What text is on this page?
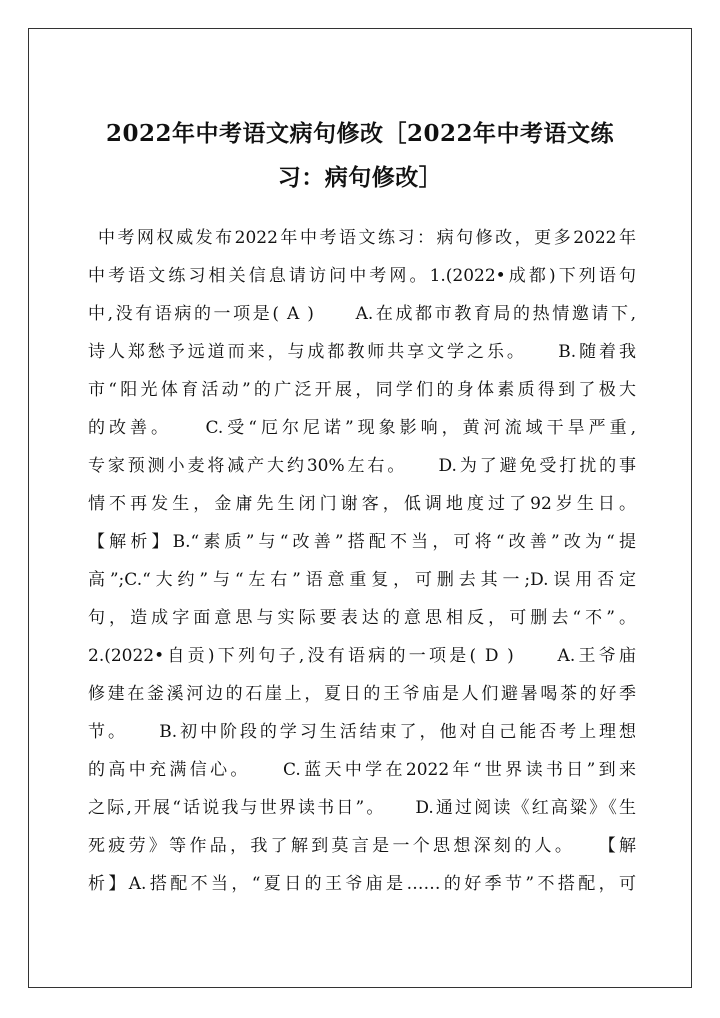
2022年中考语文病句修改［2022年中考语文练
习：病句修改］
中考网权威发布2022年中考语文练习：病句修改，更多2022年
中考语文练习相关信息请访问中考网。1.(2022•成都)下列语句
中,没有语病的一项是( A )　　A.在成都市教育局的热情邀请下,
诗人郑愁予远道而来，与成都教师共享文学之乐。　　B.随着我
市“阳光体育活动”的广泛开展，同学们的身体素质得到了极大
的改善。　　C.受“厄尔尼诺”现象影响，黄河流域干旱严重,
专家预测小麦将减产大约30%左右。　　D.为了避免受打扰的事
情不再发生，金庸先生闭门谢客，低调地度过了92岁生日。
【解析】B.“素质”与“改善”搭配不当，可将“改善”改为“提
高”;C.“大约”与“左右”语意重复，可删去其一;D.误用否定
句，造成字面意思与实际要表达的意思相反，可删去“不”。
2.(2022•自贡)下列句子,没有语病的一项是( D )　　A.王爷庙
修建在釜溪河边的石崖上，夏日的王爷庙是人们避暑喝茶的好季
节。　　B.初中阶段的学习生活结束了，他对自己能否考上理想
的高中充满信心。　　C.蓝天中学在2022年“世界读书日”到来
之际,开展“话说我与世界读书日”。　　D.通过阅读《红高粱》《生
死疲劳》等作品，我了解到莫言是一个思想深刻的人。　　【解
析】A.搭配不当，“夏日的王爷庙是……的好季节”不搭配，可
